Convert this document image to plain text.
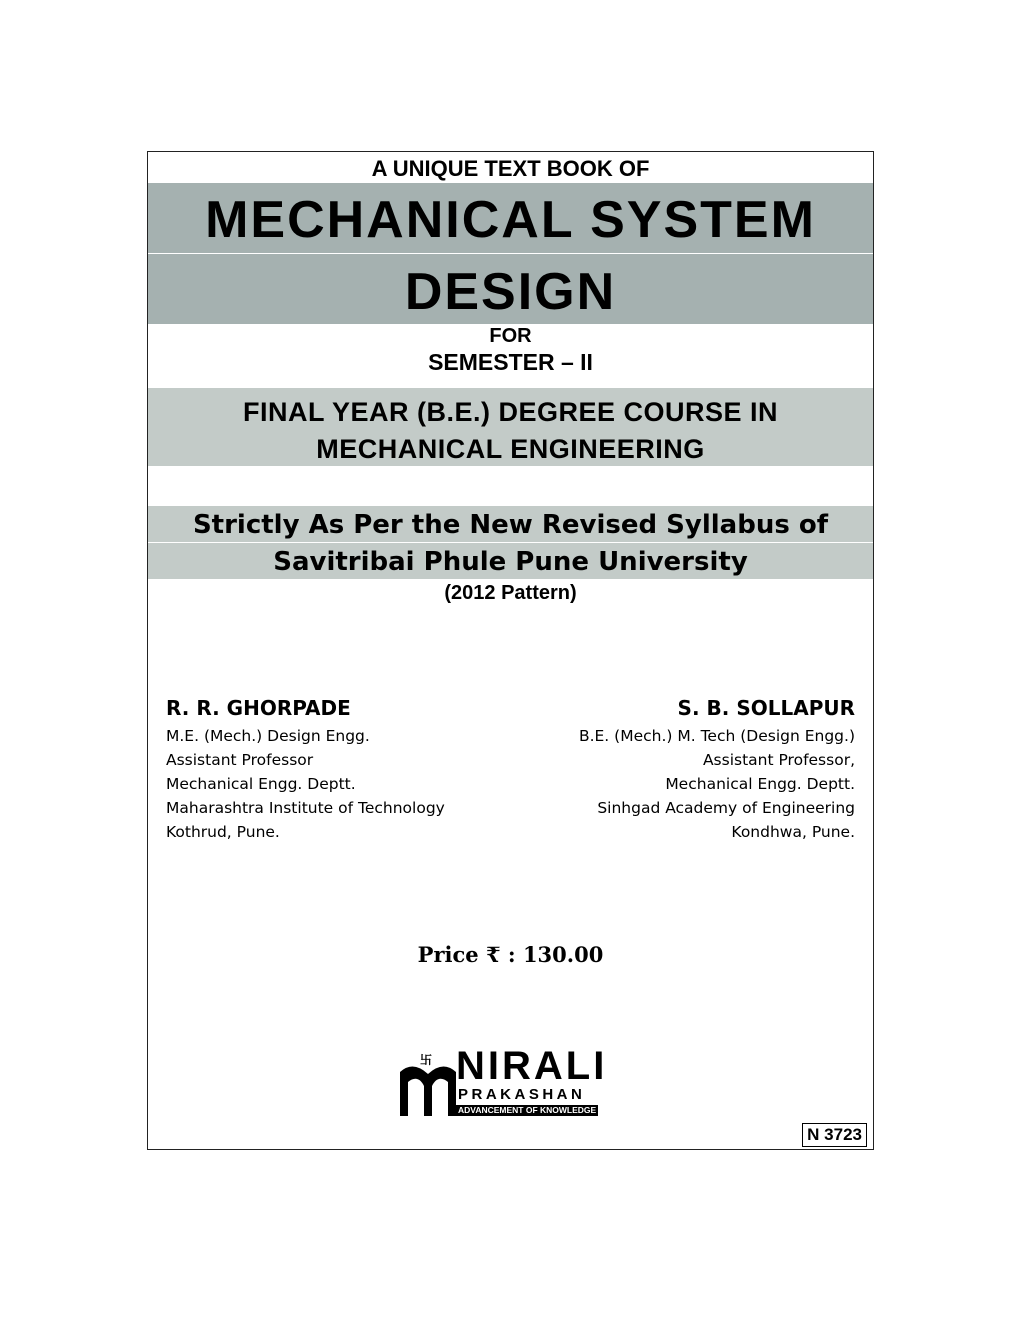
A UNIQUE TEXT BOOK OF
MECHANICAL SYSTEM
DESIGN
FOR
SEMESTER – II
FINAL YEAR (B.E.) DEGREE COURSE IN MECHANICAL ENGINEERING
Strictly As Per the New Revised Syllabus of
Savitribai Phule Pune University
(2012 Pattern)
R. R. GHORPADE
M.E. (Mech.) Design Engg.
Assistant Professor
Mechanical Engg. Deptt.
Maharashtra Institute of Technology
Kothrud, Pune.
S. B. SOLLAPUR
B.E. (Mech.) M. Tech (Design Engg.)
Assistant Professor,
Mechanical Engg. Deptt.
Sinhgad Academy of Engineering
Kondhwa, Pune.
Price ₹ : 130.00
卐 NIRALI
PRAKASHAN
ADVANCEMENT OF KNOWLEDGE
N 3723
